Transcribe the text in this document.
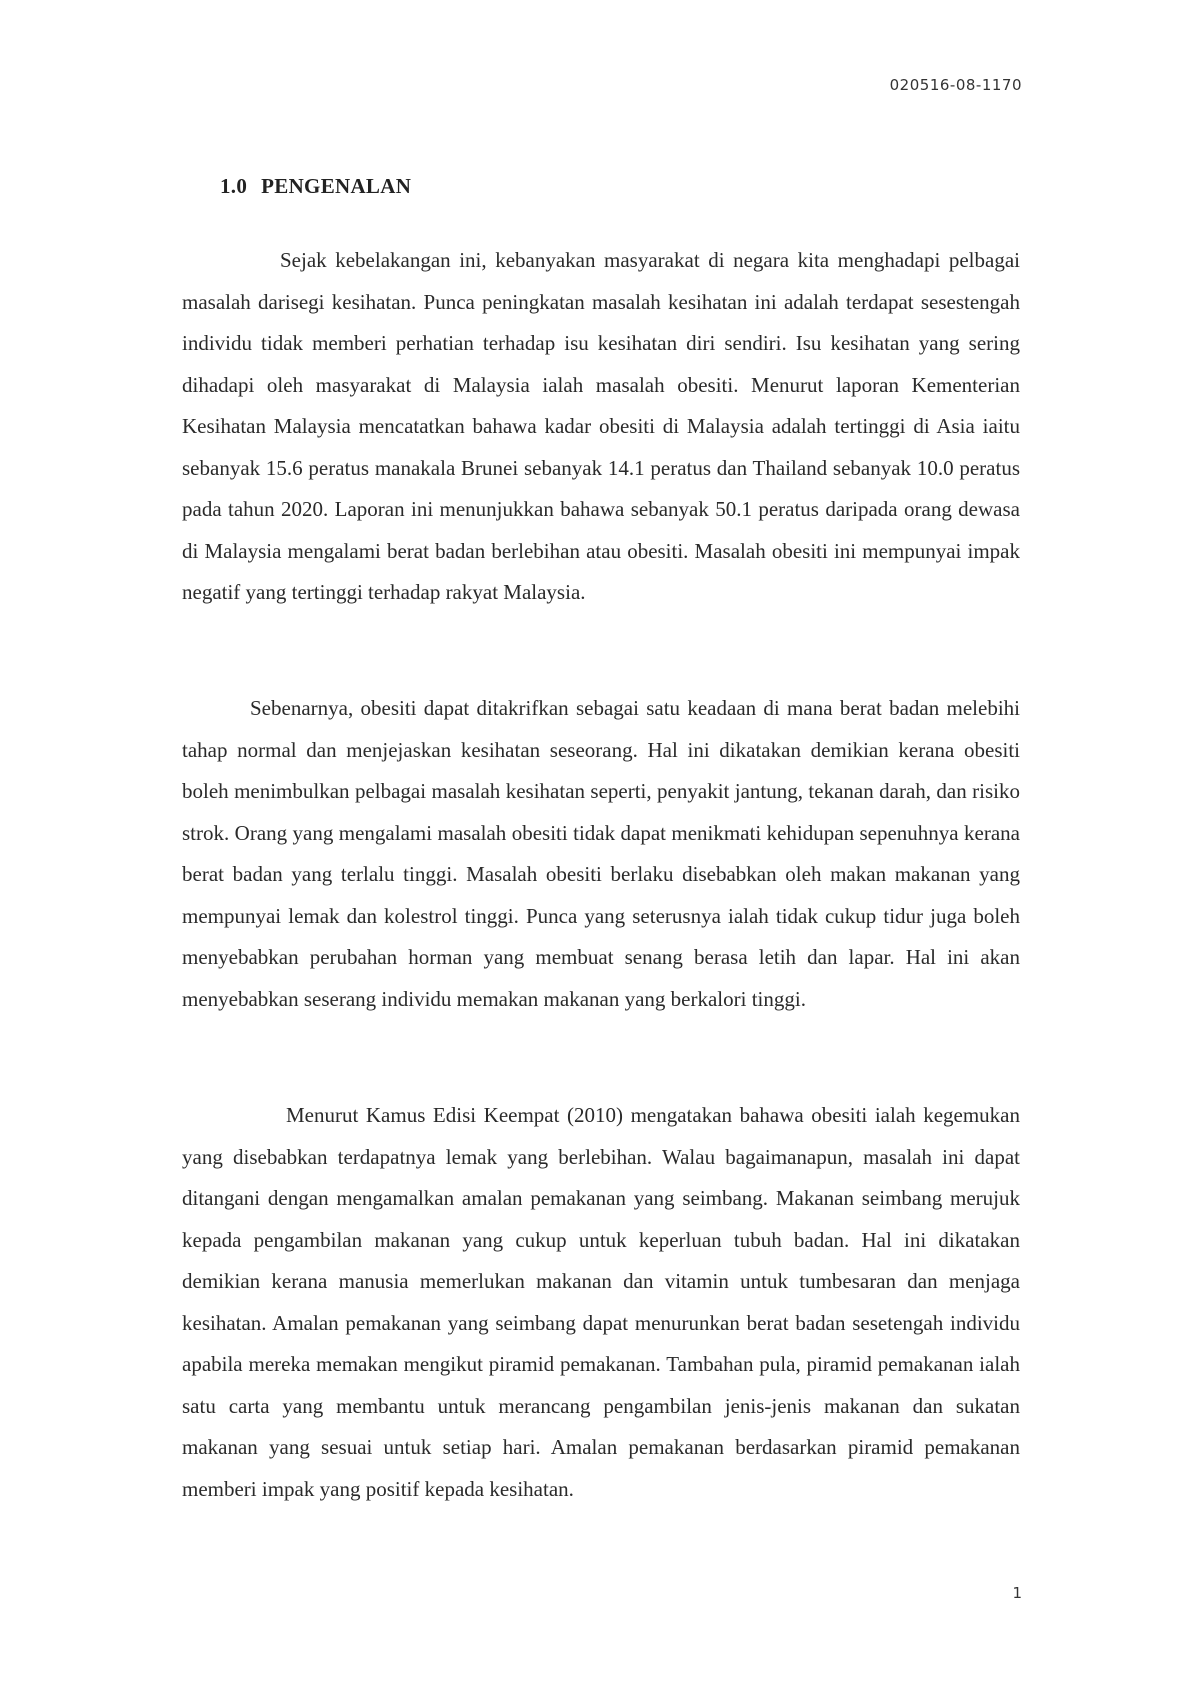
020516-08-1170
1.0 PENGENALAN

Sejak kebelakangan ini, kebanyakan masyarakat di negara kita menghadapi pelbagai masalah darisegi kesihatan. Punca peningkatan masalah kesihatan ini adalah terdapat sesestengah individu tidak memberi perhatian terhadap isu kesihatan diri sendiri. Isu kesihatan yang sering dihadapi oleh masyarakat di Malaysia ialah masalah obesiti. Menurut laporan Kementerian Kesihatan Malaysia mencatatkan bahawa kadar obesiti di Malaysia adalah tertinggi di Asia iaitu sebanyak 15.6 peratus manakala Brunei sebanyak 14.1 peratus dan Thailand sebanyak 10.0 peratus pada tahun 2020. Laporan ini menunjukkan bahawa sebanyak 50.1 peratus daripada orang dewasa di Malaysia mengalami berat badan berlebihan atau obesiti. Masalah obesiti ini mempunyai impak negatif yang tertinggi terhadap rakyat Malaysia.

Sebenarnya, obesiti dapat ditakrifkan sebagai satu keadaan di mana berat badan melebihi tahap normal dan menjejaskan kesihatan seseorang. Hal ini dikatakan demikian kerana obesiti boleh menimbulkan pelbagai masalah kesihatan seperti, penyakit jantung, tekanan darah, dan risiko strok. Orang yang mengalami masalah obesiti tidak dapat menikmati kehidupan sepenuhnya kerana berat badan yang terlalu tinggi. Masalah obesiti berlaku disebabkan oleh makan makanan yang mempunyai lemak dan kolestrol tinggi. Punca yang seterusnya ialah tidak cukup tidur juga boleh menyebabkan perubahan horman yang membuat senang berasa letih dan lapar. Hal ini akan menyebabkan seserang individu memakan makanan yang berkalori tinggi.

Menurut Kamus Edisi Keempat (2010) mengatakan bahawa obesiti ialah kegemukan yang disebabkan terdapatnya lemak yang berlebihan. Walau bagaimanapun, masalah ini dapat ditangani dengan mengamalkan amalan pemakanan yang seimbang. Makanan seimbang merujuk kepada pengambilan makanan yang cukup untuk keperluan tubuh badan. Hal ini dikatakan demikian kerana manusia memerlukan makanan dan vitamin untuk tumbesaran dan menjaga kesihatan. Amalan pemakanan yang seimbang dapat menurunkan berat badan sesetengah individu apabila mereka memakan mengikut piramid pemakanan. Tambahan pula, piramid pemakanan ialah satu carta yang membantu untuk merancang pengambilan jenis-jenis makanan dan sukatan makanan yang sesuai untuk setiap hari. Amalan pemakanan berdasarkan piramid pemakanan memberi impak yang positif kepada kesihatan.

1
